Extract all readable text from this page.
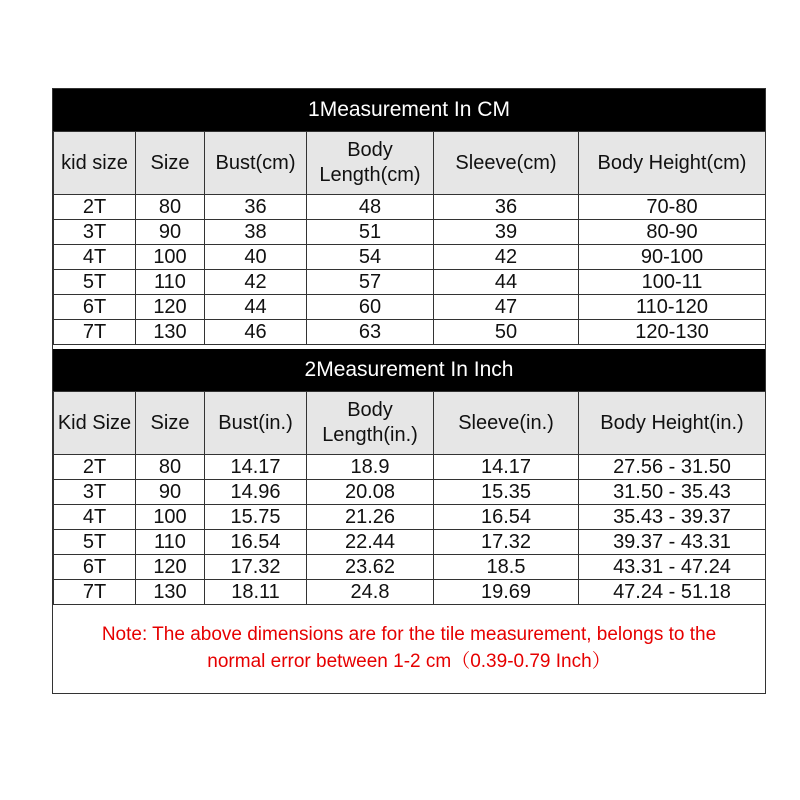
1Measurement In CM
kid size	Size	Bust(cm)	Body Length(cm)	Sleeve(cm)	Body Height(cm)
2T	80	36	48	36	70-80
3T	90	38	51	39	80-90
4T	100	40	54	42	90-100
5T	110	42	57	44	100-11
6T	120	44	60	47	110-120
7T	130	46	63	50	120-130
2Measurement In Inch
Kid Size	Size	Bust(in.)	Body Length(in.)	Sleeve(in.)	Body Height(in.)
2T	80	14.17	18.9	14.17	27.56 - 31.50
3T	90	14.96	20.08	15.35	31.50 - 35.43
4T	100	15.75	21.26	16.54	35.43 - 39.37
5T	110	16.54	22.44	17.32	39.37 - 43.31
6T	120	17.32	23.62	18.5	43.31 - 47.24
7T	130	18.11	24.8	19.69	47.24 - 51.18
Note: The above dimensions are for the tile measurement, belongs to the
normal error between 1-2 cm（0.39-0.79 Inch）
